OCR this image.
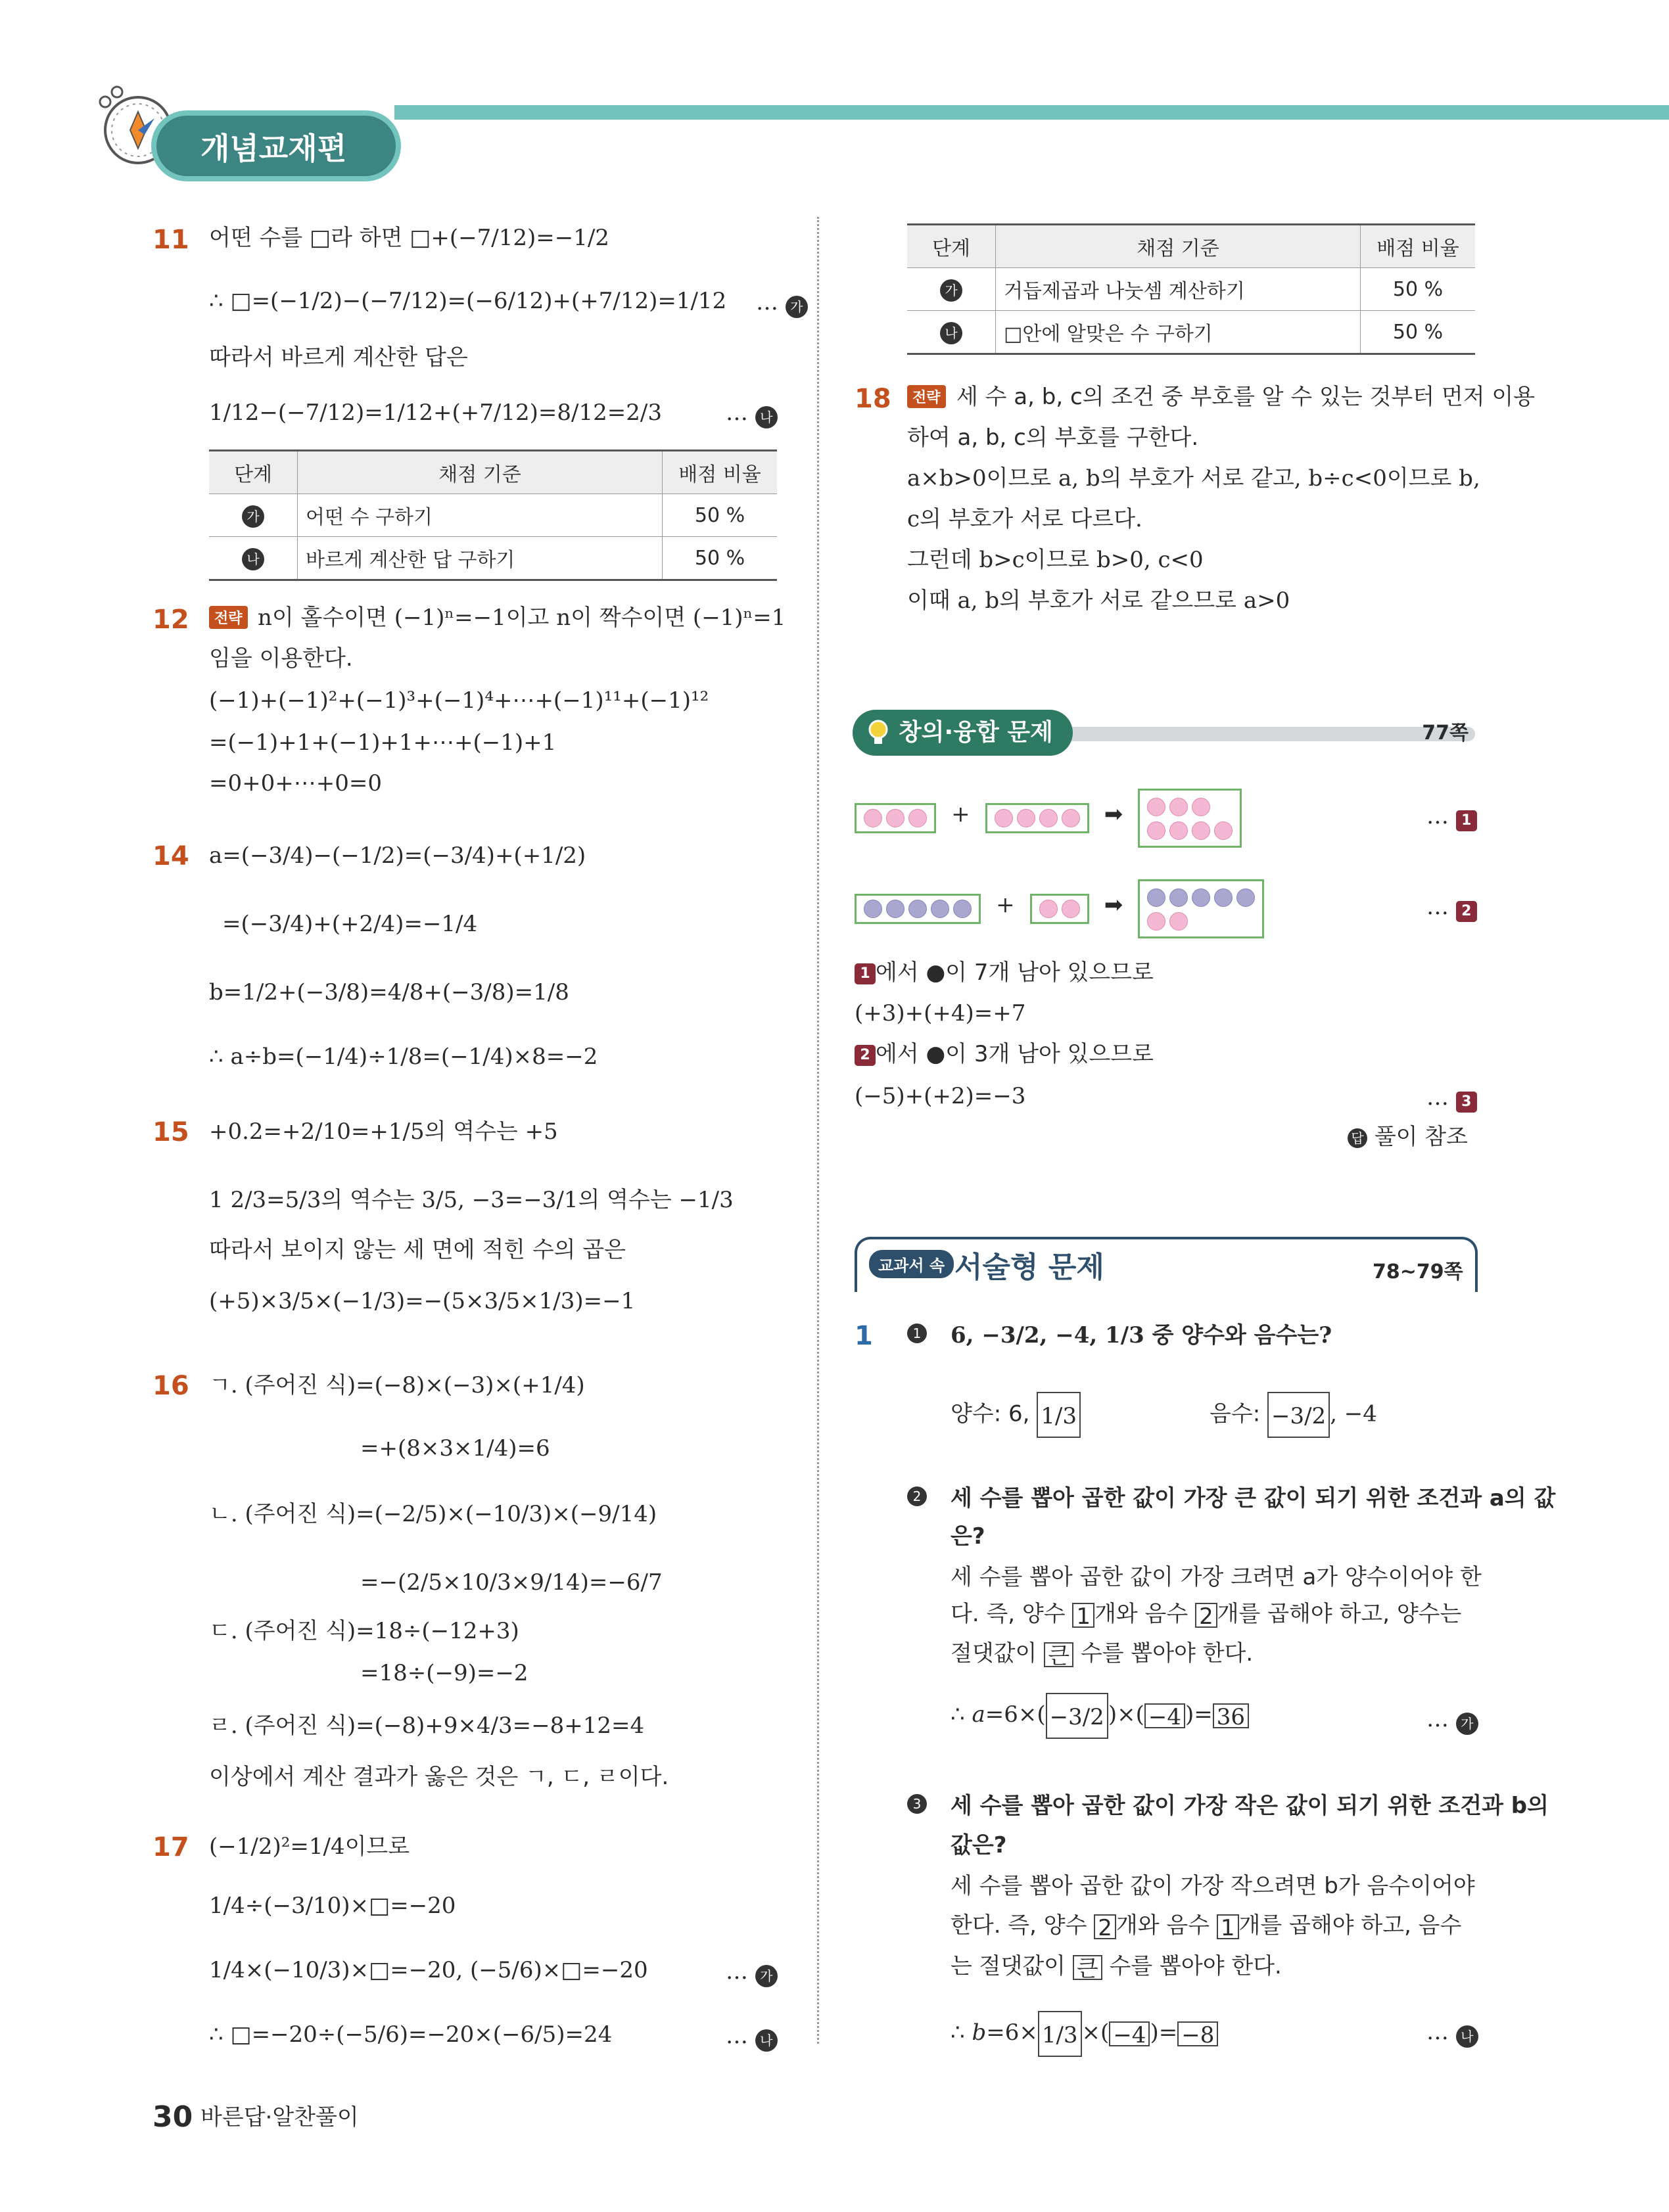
개념교재편
11 어떤 수를 □라 하면 □+(−7/12)=−1/2
∴ □=(−1/2)−(−7/12)=(−6/12)+(+7/12)=1/12 … 가
따라서 바르게 계산한 답은
1/12−(−7/12)=1/12+(+7/12)=8/12=2/3	… 나
단계	채점 기준	배점 비율
가	어떤 수 구하기	50 %
나	바르게 계산한 답 구하기	50 %
12	전략 n이 홀수이면 (−1)ⁿ=−1이고 n이 짝수이면 (−1)ⁿ=1
임을 이용한다.
(−1)+(−1)²+(−1)³+(−1)⁴+⋯+(−1)¹¹+(−1)¹²
=(−1)+1+(−1)+1+⋯+(−1)+1
=0+0+⋯+0=0
14 a=(−3/4)−(−1/2)=(−3/4)+(+1/2)
=(−3/4)+(+2/4)=−1/4
b=1/2+(−3/8)=4/8+(−3/8)=1/8
∴ a÷b=(−1/4)÷1/8=(−1/4)×8=−2
15 +0.2=+2/10=+1/5의 역수는 +5
1 2/3=5/3의 역수는 3/5, −3=−3/1의 역수는 −1/3
따라서 보이지 않는 세 면에 적힌 수의 곱은
(+5)×3/5×(−1/3)=−(5×3/5×1/3)=−1
16 ㄱ. (주어진 식)=(−8)×(−3)×(+1/4)
=+(8×3×1/4)=6
ㄴ. (주어진 식)=(−2/5)×(−10/3)×(−9/14)
=−(2/5×10/3×9/14)=−6/7
ㄷ. (주어진 식)=18÷(−12+3)
=18÷(−9)=−2
ㄹ. (주어진 식)=(−8)+9×4/3=−8+12=4
이상에서 계산 결과가 옳은 것은 ㄱ, ㄷ, ㄹ이다.
17 (−1/2)²=1/4이므로
1/4÷(−3/10)×□=−20
1/4×(−10/3)×□=−20, (−5/6)×□=−20	… 가
∴ □=−20÷(−5/6)=−20×(−6/5)=24	… 나
30 바른답·알찬풀이
단계	채점 기준	배점 비율
가	거듭제곱과 나눗셈 계산하기	50 %
나	□안에 알맞은 수 구하기	50 %
18	전략 세 수 a, b, c의 조건 중 부호를 알 수 있는 것부터 먼저 이용
하여 a, b, c의 부호를 구한다.
a×b>0이므로 a, b의 부호가 서로 같고, b÷c<0이므로 b,
c의 부호가 서로 다르다.
그런데 b>c이므로 b>0, c<0
이때 a, b의 부호가 서로 같으므로 a>0
창의·융합 문제	77쪽
+	➡	… 1
+	➡	… 2
1 에서 ●이 7개 남아 있으므로
(+3)+(+4)=+7
2 에서 ●이 3개 남아 있으므로
(−5)+(+2)=−3	… 3
답 풀이 참조
교과서 속 서술형 문제	78~79쪽
1	1 6, −3/2, −4, 1/3 중 양수와 음수는?
양수: 6, 1/3	음수: −3/2 , −4
2 세 수를 뽑아 곱한 값이 가장 큰 값이 되기 위한 조건과 a의 값
은?
세 수를 뽑아 곱한 값이 가장 크려면 a가 양수이어야 한
다. 즉, 양수 1 개와 음수 2 개를 곱해야 하고, 양수는
절댓값이 큰 수를 뽑아야 한다.
∴ a=6×( −3/2 )×( −4 )= 36	… 가
3 세 수를 뽑아 곱한 값이 가장 작은 값이 되기 위한 조건과 b의
값은?
세 수를 뽑아 곱한 값이 가장 작으려면 b가 음수이어야
한다. 즉, 양수 2 개와 음수 1 개를 곱해야 하고, 음수
는 절댓값이 큰 수를 뽑아야 한다.
∴ b=6× 1/3 ×( −4 )= −8	… 나
